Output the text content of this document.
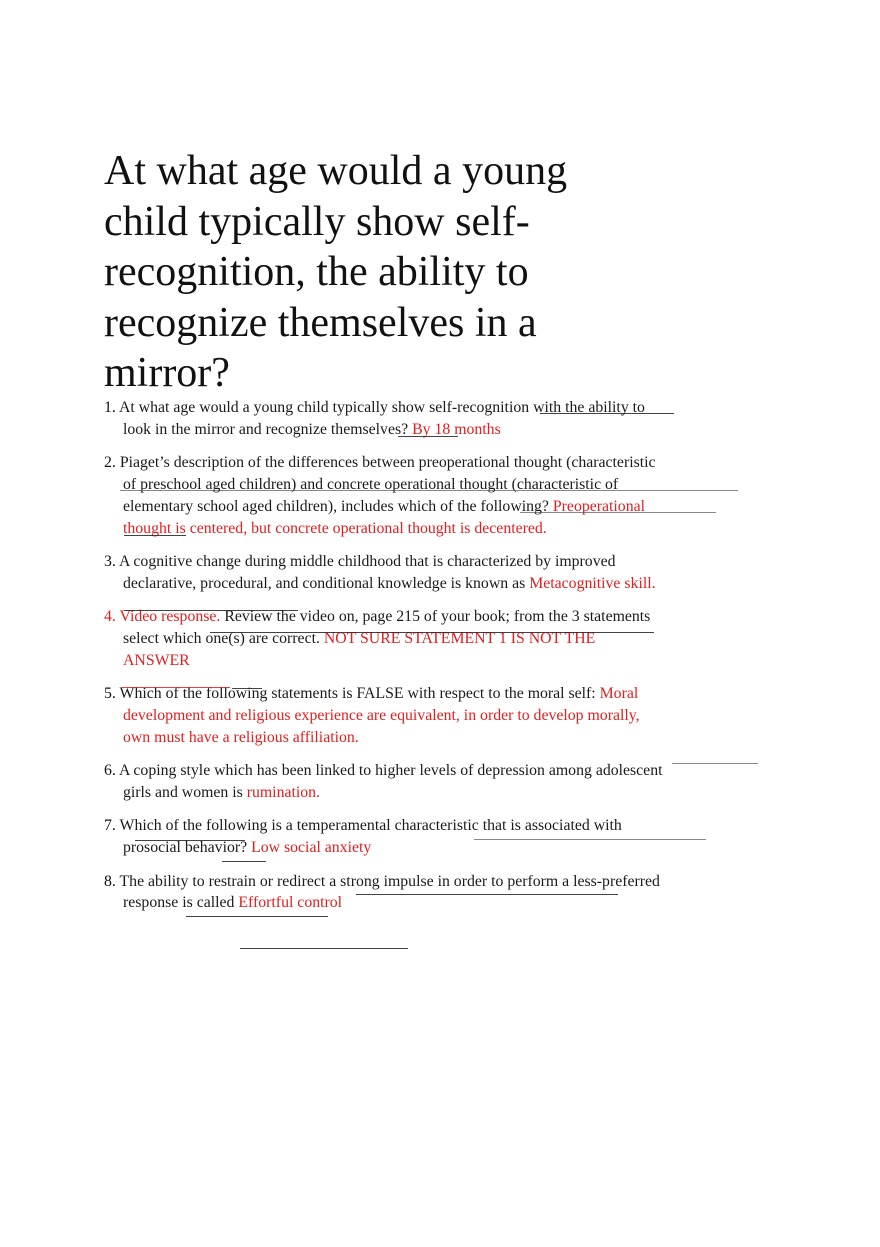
At what age would a young child typically show self-recognition, the ability to recognize themselves in a mirror?
1. At what age would a young child typically show self-recognition with the ability to look in the mirror and recognize themselves? By 18 months
2. Piaget’s description of the differences between preoperational thought (characteristic of preschool aged children) and concrete operational thought (characteristic of elementary school aged children), includes which of the following? Preoperational thought is centered, but concrete operational thought is decentered.
3. A cognitive change during middle childhood that is characterized by improved declarative, procedural, and conditional knowledge is known as Metacognitive skill.
4. Video response. Review the video on, page 215 of your book; from the 3 statements select which one(s) are correct. NOT SURE STATEMENT 1 IS NOT THE ANSWER
5. Which of the following statements is FALSE with respect to the moral self: Moral development and religious experience are equivalent, in order to develop morally, own must have a religious affiliation.
6. A coping style which has been linked to higher levels of depression among adolescent girls and women is rumination.
7. Which of the following is a temperamental characteristic that is associated with prosocial behavior? Low social anxiety
8. The ability to restrain or redirect a strong impulse in order to perform a less-preferred response is called Effortful control
